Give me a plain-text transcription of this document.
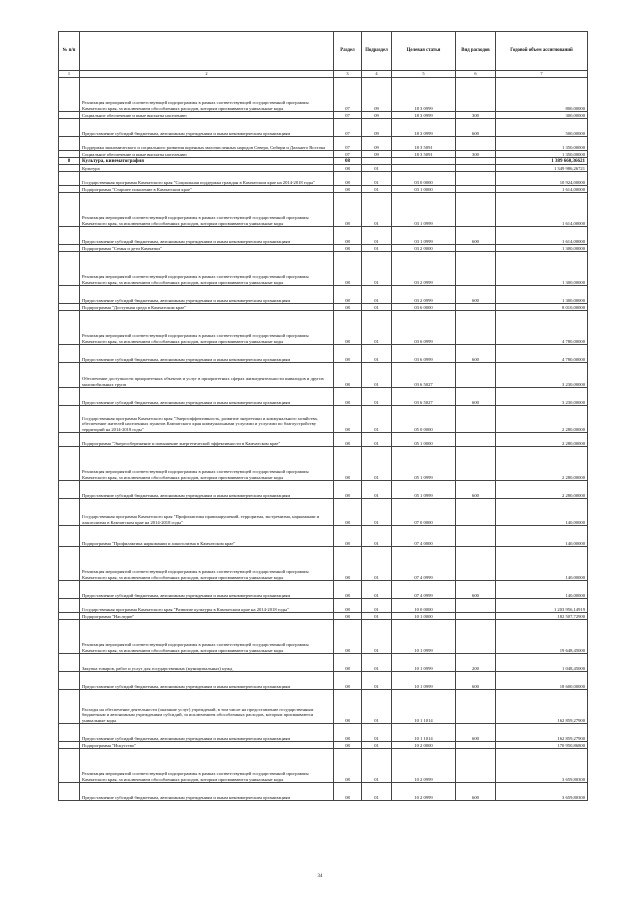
№ п/п		Раздел	Подраздел	Целевая статья	Вид расходов	Годовой объем ассигнований
1	2	3	4	5	6	7
	Реализация мероприятий соответствующей подпрограммы в рамках соответствующей государственной программы Камчатского края, за исключением обособленных расходов, которым присваиваются уникальные коды	07	09	18 3 0999		800,00000
	Социальное обеспечение и иные выплаты населению	07	09	18 3 0999	300	300,00000
	Предоставление субсидий бюджетным, автономным учреждениям и иным некоммерческим организациям	07	09	18 3 0999	600	500,00000
	Поддержка экономического и социального развития коренных малочисленных народов Севера, Сибири и Дальнего Востока	07	09	18 3 5091		1 350,00000
	Социальное обеспечение и иные выплаты населению	07	09	18 3 5091	300	1 350,00000
8	Культура, кинематография	08				1 389 660,36621
	Культура	08	01			1 349 986,26721
	Государственная программа Камчатского края "Социальная поддержка граждан в Камчатском крае на 2014-2018 годы"	08	01	03 0 0000		10 924,00000
	Подпрограмма "Старшее поколение в Камчатском крае"	08	01	03 1 0000		1 614,00000
	Реализация мероприятий соответствующей подпрограммы в рамках соответствующей государственной программы Камчатского края, за исключением обособленных расходов, которым присваиваются уникальные коды	08	01	03 1 0999		1 614,00000
	Предоставление субсидий бюджетным, автономным учреждениям и иным некоммерческим организациям	08	01	03 1 0999	600	1 614,00000
	Подпрограмма "Семья и дети Камчатки"	08	01	03 2 0000		1 300,00000
	Реализация мероприятий соответствующей подпрограммы в рамках соответствующей государственной программы Камчатского края, за исключением обособленных расходов, которым присваиваются уникальные коды	08	01	03 2 0999		1 300,00000
	Предоставление субсидий бюджетным, автономным учреждениям и иным некоммерческим организациям	08	01	03 2 0999	600	1 300,00000
	Подпрограмма "Доступная среда в Камчатском крае"	08	01	03 6 0000		8 010,00000
	Реализация мероприятий соответствующей подпрограммы в рамках соответствующей государственной программы Камчатского края, за исключением обособленных расходов, которым присваиваются уникальные коды	08	01	03 6 0999		4 780,00000
	Предоставление субсидий бюджетным, автономным учреждениям и иным некоммерческим организациям	08	01	03 6 0999	600	4 780,00000
	Обеспечение доступности приоритетных объектов и услуг в приоритетных сферах жизнедеятельности инвалидов и других маломобильных групп	08	01	03 6 5027		3 230,00000
	Предоставление субсидий бюджетным, автономным учреждениям и иным некоммерческим организациям	08	01	03 6 5027	600	3 230,00000
	Государственная программа Камчатского края "Энергоэффективность, развитие энергетики и коммунального хозяйства, обеспечение жителей населенных пунктов Камчатского края коммунальными услугами и услугами по благоустройству территорий на 2014-2018 годы"	08	01	05 0 0000		2 280,00000
	Подпрограмма "Энергосбережение и повышение энергетической эффективности в Камчатском крае"	08	01	05 1 0000		2 280,00000
	Реализация мероприятий соответствующей подпрограммы в рамках соответствующей государственной программы Камчатского края, за исключением обособленных расходов, которым присваиваются уникальные коды	08	01	05 1 0999		2 280,00000
	Предоставление субсидий бюджетным, автономным учреждениям и иным некоммерческим организациям	08	01	05 1 0999	600	2 280,00000
	Государственная программа Камчатского края "Профилактика правонарушений, терроризма, экстремизма, наркомании и алкоголизма в Камчатском крае на 2014-2018 годы"	08	01	07 0 0000		140,00000
	Подпрограмма "Профилактика наркомании и алкоголизма в Камчатском крае"	08	01	07 4 0000		140,00000
	Реализация мероприятий соответствующей подпрограммы в рамках соответствующей государственной программы Камчатского края, за исключением обособленных расходов, которым присваиваются уникальные коды	08	01	07 4 0999		140,00000
	Предоставление субсидий бюджетным, автономным учреждениям и иным некоммерческим организациям	08	01	07 4 0999	600	140,00000
	Государственная программа Камчатского края "Развитие культуры в Камчатском крае на 2014-2018 годы"	08	01	10 0 0000		1 203 956,14919
	Подпрограмма "Наследие"	08	01	10 1 0000		182 507,72900
	Реализация мероприятий соответствующей подпрограммы в рамках соответствующей государственной программы Камчатского края, за исключением обособленных расходов, которым присваиваются уникальные коды	08	01	10 1 0999		19 648,45000
	Закупка товаров, работ и услуг для государственных (муниципальных) нужд	08	01	10 1 0999	200	1 048,45000
	Предоставление субсидий бюджетным, автономным учреждениям и иным некоммерческим организациям	08	01	10 1 0999	600	18 600,00000
	Расходы на обеспечение деятельности (оказание услуг) учреждений, в том числе на предоставление государственным бюджетным и автономным учреждениям субсидий, за исключением обособленных расходов, которым присваиваются уникальные коды	08	01	10 1 1014		162 859,27900
	Предоставление субсидий бюджетным, автономным учреждениям и иным некоммерческим организациям	08	01	10 1 1014	600	162 859,27900
	Подпрограмма "Искусство"	08	01	10 2 0000		170 950,86800
	Реализация мероприятий соответствующей подпрограммы в рамках соответствующей государственной программы Камчатского края, за исключением обособленных расходов, которым присваиваются уникальные коды	08	01	10 2 0999		3 659,80300
	Предоставление субсидий бюджетным, автономным учреждениям и иным некоммерческим организациям	08	01	10 2 0999	600	3 659,80300
34
